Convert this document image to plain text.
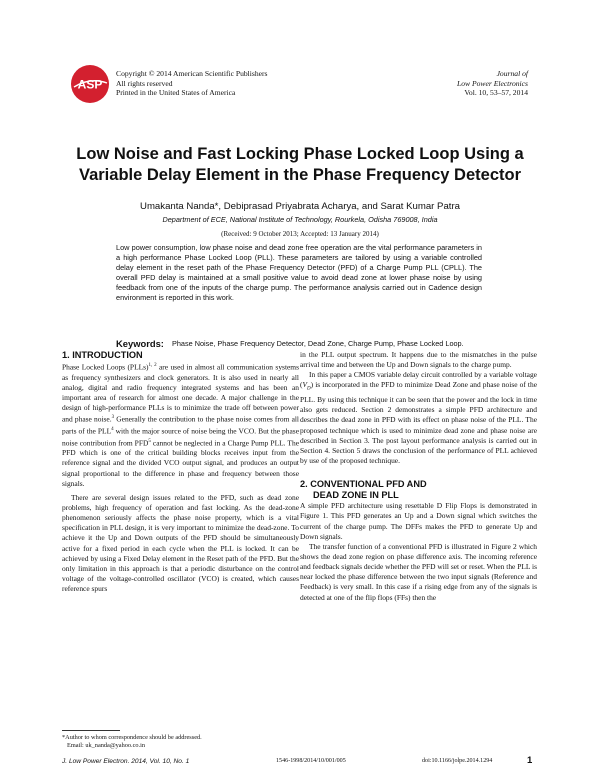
ASP
Copyright © 2014 American Scientific Publishers
All rights reserved
Printed in the United States of America
Journal of
Low Power Electronics
Vol. 10, 53–57, 2014
Low Noise and Fast Locking Phase Locked Loop Using a
Variable Delay Element in the Phase Frequency Detector
Umakanta Nanda*, Debiprasad Priyabrata Acharya, and Sarat Kumar Patra
Department of ECE, National Institute of Technology, Rourkela, Odisha 769008, India
(Received: 9 October 2013; Accepted: 13 January 2014)
Low power consumption, low phase noise and dead zone free operation are the vital performance parameters in a high performance Phase Locked Loop (PLL). These parameters are tailored by using a variable controlled delay element in the reset path of the Phase Frequency Detector (PFD) of a Charge Pump PLL (CPLL). The overall PFD delay is maintained at a small positive value to avoid dead zone at lower phase noise by using feedback from one of the inputs of the charge pump. The performance analysis carried out in Cadence design environment is reported in this work.
Keywords: Phase Noise, Phase Frequency Detector, Dead Zone, Charge Pump, Phase Locked Loop.
1. INTRODUCTION

Phase Locked Loops (PLLs)$^{1, 2}$ are used in almost all communication systems as frequency synthesizers and clock generators. It is also used in nearly all analog, digital and radio frequency integrated systems and has been an important area of research for almost one decade. A major challenge in the design of high-performance PLLs is to minimize the trade off between power and phase noise.$^3$ Generally the contribution to the phase noise comes from all parts of the PLL$^4$ with the major source of noise being the VCO. But the phase noise contribution from PFD$^5$ cannot be neglected in a Charge Pump PLL. The PFD which is one of the critical building blocks receives input from the reference signal and the divided VCO output signal, and produces an output signal proportional to the difference in phase and frequency between those signals.

There are several design issues related to the PFD, such as dead zone problems, high frequency of operation and fast locking. As the dead-zone phenomenon seriously affects the phase noise property, which is a vital specification in PLL design, it is very important to minimize the dead-zone. To achieve it the Up and Down outputs of the PFD should be simultaneously active for a fixed period in each cycle when the PLL is locked. It can be achieved by using a Fixed Delay element in the Reset path of the PFD. But the only limitation in this approach is that a periodic disturbance on the control voltage of the voltage-controlled oscillator (VCO) is created, which causes reference spurs

in the PLL output spectrum. It happens due to the mismatches in the pulse arrival time and between the Up and Down signals to the charge pump.

In this paper a CMOS variable delay circuit controlled by a variable voltage $(V_D)$ is incorporated in the PFD to minimize Dead Zone and phase noise of the PLL. By using this technique it can be seen that the power and the lock in time also gets reduced. Section 2 demonstrates a simple PFD architecture and describes the dead zone in PFD with its effect on phase noise of the PLL. The proposed technique which is used to minimize dead zone and phase noise are described in Section 3. The post layout performance analysis is carried out in Section 4. Section 5 draws the conclusion of the performance of PLL achieved by use of the proposed technique.

2. CONVENTIONAL PFD AND
DEAD ZONE IN PLL

A simple PFD architecture using resettable D Flip Flops is demonstrated in Figure 1. This PFD generates an Up and a Down signal which switches the current of the charge pump. The DFFs makes the PFD to generate Up and Down signals.

The transfer function of a conventional PFD is illustrated in Figure 2 which shows the dead zone region on phase difference axis. The incoming reference and feedback signals decide whether the PFD will set or reset. When the PLL is near locked the phase difference between the two input signals (Reference and Feedback) is very small. In this case if a rising edge from any of the signals is detected at one of the flip flops (FFs) then the

*Author to whom correspondence should be addressed.
Email: uk_nanda@yahoo.co.in
J. Low Power Electron. 2014, Vol. 10, No. 1	1546-1998/2014/10/001/005	doi:10.1166/jolpe.2014.1294	1
